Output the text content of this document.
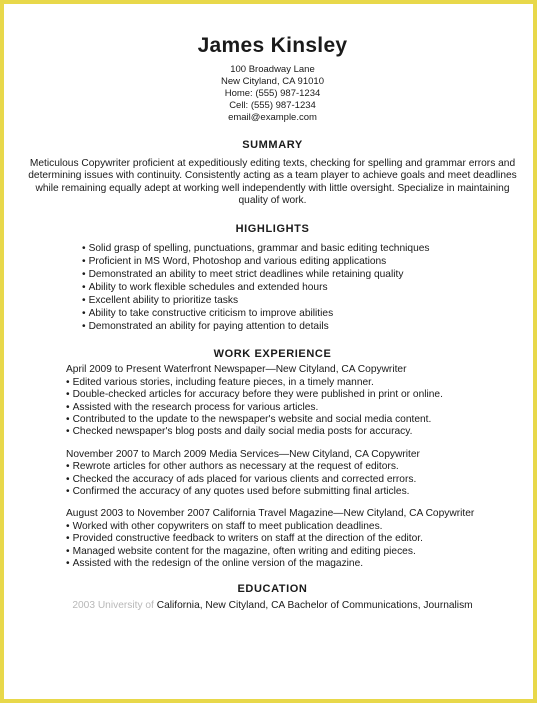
James Kinsley
100 Broadway Lane
New Cityland, CA 91010
Home: (555) 987-1234
Cell: (555) 987-1234
email@example.com
SUMMARY
Meticulous Copywriter proficient at expeditiously editing texts, checking for spelling and grammar errors and determining issues with continuity. Consistently acting as a team player to achieve goals and meet deadlines while remaining equally adept at working well independently with little oversight. Specialize in maintaining quality of work.
HIGHLIGHTS
• Solid grasp of spelling, punctuations, grammar and basic editing techniques
• Proficient in MS Word, Photoshop and various editing applications
• Demonstrated an ability to meet strict deadlines while retaining quality
• Ability to work flexible schedules and extended hours
• Excellent ability to prioritize tasks
• Ability to take constructive criticism to improve abilities
• Demonstrated an ability for paying attention to details
WORK EXPERIENCE
April 2009 to Present Waterfront Newspaper—New Cityland, CA Copywriter
• Edited various stories, including feature pieces, in a timely manner.
• Double-checked articles for accuracy before they were published in print or online.
• Assisted with the research process for various articles.
• Contributed to the update to the newspaper's website and social media content.
• Checked newspaper's blog posts and daily social media posts for accuracy.
November 2007 to March 2009 Media Services—New Cityland, CA Copywriter
• Rewrote articles for other authors as necessary at the request of editors.
• Checked the accuracy of ads placed for various clients and corrected errors.
• Confirmed the accuracy of any quotes used before submitting final articles.
August 2003 to November 2007 California Travel Magazine—New Cityland, CA Copywriter
• Worked with other copywriters on staff to meet publication deadlines.
• Provided constructive feedback to writers on staff at the direction of the editor.
• Managed website content for the magazine, often writing and editing pieces.
• Assisted with the redesign of the online version of the magazine.
EDUCATION
2003 University of California, New Cityland, CA Bachelor of Communications, Journalism
